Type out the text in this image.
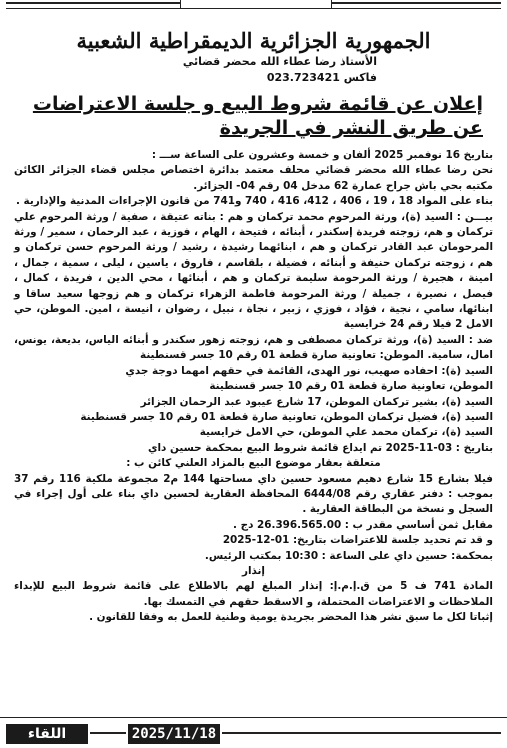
الجمهورية الجزائرية الديمقراطية الشعبية
الأستاذ رضا عطاء الله محضر قضائي
فاكس 023.723421
إعلان عن قائمة شروط البيع و جلسة الاعتراضات
عن طريق النشر في الجريدة

بتاريخ 16 نوفمبر 2025 ألفان و خمسة وعشرون على الساعة ســـ :

نحن رضا عطاء الله محضر قضائي محلف معتمد بدائرة اختصاص مجلس قضاء الجزائر الكائن مكتبه بحي باش جراح عمارة 62 مدخل 04 رقم 04- الجزائر.

بناء على المواد 18 ، 19 ، 406 ، 412، 416 ، 740 و741 من قانون الإجراءات المدنية والإدارية .

بيـــن : السيد (ة)، ورثة المرحوم محمد تركمان و هم : بناته عتيقة ، صفية / ورثة المرحوم علي تركمان و هم، زوجته فريدة إسكندر ، أبنائه ، فتيحة ، الهام ، فوزية ، عبد الرحمان ، سمير / ورثة المرحومان عبد القادر تركمان و هم ، ابنائهما رشيدة ، رشيد / ورثة المرحوم حسن تركمان و هم ، زوجته تركمان حنيفة و أبنائه ، فضيلة ، بلقاسم ، فاروق ، ياسين ، ليلى ، سمية ، جمال ، امينة ، هجيرة / ورثة المرحومة سليمة تركمان و هم ، أبنائها ، محي الدين ، فريدة ، كمال ، فيصل ، نصيرة ، جميلة / ورثة المرحومة فاطمة الزهراء تركمان و هم زوجها سعيد ساقا و ابنائها، سامي ، نجية ، فؤاد ، فوزي ، زبير ، نجاة ، نبيل ، رضوان ، انيسة ، امين. الموطن، حي الامل 2 فيلا رقم 24 خرايسية

ضد : السيد (ة)، ورثة تركمان مصطفى و هم، زوجته زهور سكندر و أبنائه الياس، بديعة، يونس، امال، سامية. الموطن: تعاونية صارة قطعة 01 رقم 10 جسر قسنطينة

السيد (ة): احفاده صهيب، نور الهدى، القائمة في حقهم امهما دوجة جدي

الموطن، تعاونية صارة قطعة 01 رقم 10 جسر قسنطينة

السيد (ة)، بشير تركمان الموطن، 17 شارع عيبود عبد الرحمان الجزائر

السيد (ة)، فضيل تركمان الموطن، تعاونية صارة قطعة 01 رقم 10 جسر قسنطينة

السيد (ة)، تركمان محمد علي الموطن، حي الامل خرايسية

بتاريخ : 03-11-2025 تم ايداع قائمة شروط البيع بمحكمة حسين داي

متعلقة بعقار موضوع البيع بالمزاد العلني كائن ب :

فيلا بشارع 15 شارع دهيم مسعود حسين داي مساحتها 144 م2 مجموعة ملكية 116 رقم 37 بموجب : دفتر عقاري رقم 6444/08 المحافظة العقارية لحسين داي بناء على أول إجراء في السجل و نسخة من البطاقة العقارية .

مقابل ثمن أساسي مقدر ب : 26.396.565.00 دج .

و قد تم تحديد جلسة للاعتراضات بتاريخ: 01-12-2025

بمحكمة: حسين داي على الساعة : 10:30 بمكتب الرئيس.

إنذار

المادة 741 ف 5 من ق.إ.م.إ: إنذار المبلغ لهم بالاطلاع على قائمة شروط البيع للإبداء الملاحظات و الاعتراضات المحتملة، و الاسقط حقهم في التمسك بها.

إثباتا لكل ما سبق نشر هذا المحضر بجريدة يومية وطنية للعمل به وفقا للقانون .

2025/11/18
اللقاء
